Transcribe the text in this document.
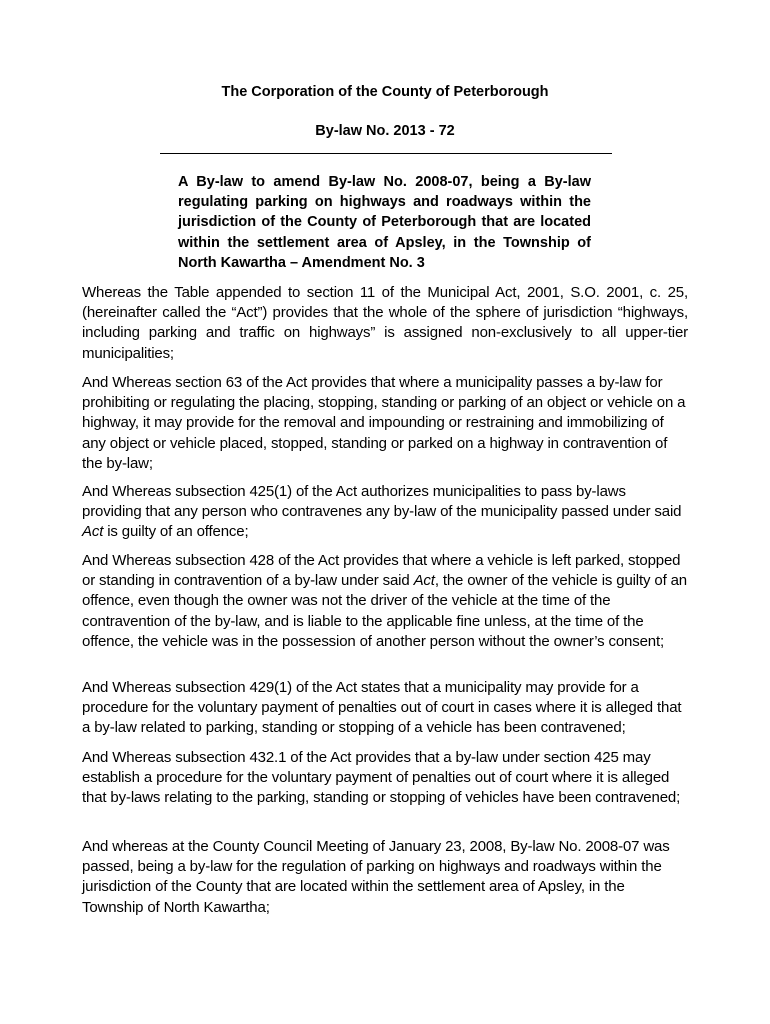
The Corporation of the County of Peterborough
By-law No. 2013 - 72
A By-law to amend By-law No. 2008-07, being a By-law regulating parking on highways and roadways within the jurisdiction of the County of Peterborough that are located within the settlement area of Apsley, in the Township of North Kawartha – Amendment No. 3

Whereas the Table appended to section 11 of the Municipal Act, 2001, S.O. 2001, c. 25, (hereinafter called the “Act”) provides that the whole of the sphere of jurisdiction “highways, including parking and traffic on highways” is assigned non-exclusively to all upper-tier municipalities;

And Whereas section 63 of the Act provides that where a municipality passes a by-law for prohibiting or regulating the placing, stopping, standing or parking of an object or vehicle on a highway, it may provide for the removal and impounding or restraining and immobilizing of any object or vehicle placed, stopped, standing or parked on a highway in contravention of the by-law;

And Whereas subsection 425(1) of the Act authorizes municipalities to pass by-laws providing that any person who contravenes any by-law of the municipality passed under said Act is guilty of an offence;

And Whereas subsection 428 of the Act provides that where a vehicle is left parked, stopped or standing in contravention of a by-law under said Act, the owner of the vehicle is guilty of an offence, even though the owner was not the driver of the vehicle at the time of the contravention of the by-law, and is liable to the applicable fine unless, at the time of the offence, the vehicle was in the possession of another person without the owner’s consent;

And Whereas subsection 429(1) of the Act states that a municipality may provide for a procedure for the voluntary payment of penalties out of court in cases where it is alleged that a by-law related to parking, standing or stopping of a vehicle has been contravened;

And Whereas subsection 432.1 of the Act provides that a by-law under section 425 may establish a procedure for the voluntary payment of penalties out of court where it is alleged that by-laws relating to the parking, standing or stopping of vehicles have been contravened;

And whereas at the County Council Meeting of January 23, 2008, By-law No. 2008-07 was passed, being a by-law for the regulation of parking on highways and roadways within the jurisdiction of the County that are located within the settlement area of Apsley, in the Township of North Kawartha;
